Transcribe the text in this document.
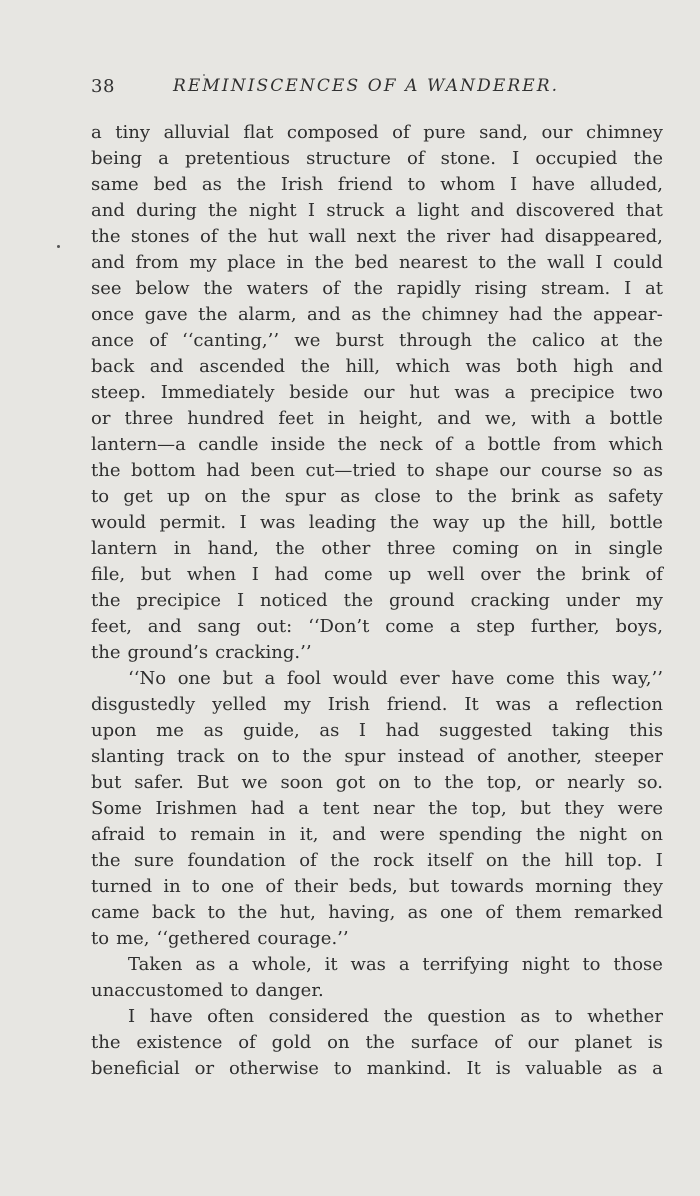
38	REMINISCENCES OF A WANDERER.
a tiny alluvial flat composed of pure sand, our chimney
being a pretentious structure of stone. I occupied the
same bed as the Irish friend to whom I have alluded,
and during the night I struck a light and discovered that
the stones of the hut wall next the river had disappeared,
and from my place in the bed nearest to the wall I could
see below the waters of the rapidly rising stream. I at
once gave the alarm, and as the chimney had the appear-
ance of ‘‘canting,’’ we burst through the calico at the
back and ascended the hill, which was both high and
steep. Immediately beside our hut was a precipice two
or three hundred feet in height, and we, with a bottle
lantern—a candle inside the neck of a bottle from which
the bottom had been cut—tried to shape our course so as
to get up on the spur as close to the brink as safety
would permit. I was leading the way up the hill, bottle
lantern in hand, the other three coming on in single
file, but when I had come up well over the brink of
the precipice I noticed the ground cracking under my
feet, and sang out: ‘‘Don’t come a step further, boys,
the ground’s cracking.’’
‘‘No one but a fool would ever have come this way,’’
disgustedly yelled my Irish friend. It was a reflection
upon me as guide, as I had suggested taking this
slanting track on to the spur instead of another, steeper
but safer. But we soon got on to the top, or nearly so.
Some Irishmen had a tent near the top, but they were
afraid to remain in it, and were spending the night on
the sure foundation of the rock itself on the hill top. I
turned in to one of their beds, but towards morning they
came back to the hut, having, as one of them remarked
to me, ‘‘gethered courage.’’
Taken as a whole, it was a terrifying night to those
unaccustomed to danger.
I have often considered the question as to whether
the existence of gold on the surface of our planet is
beneficial or otherwise to mankind. It is valuable as a
